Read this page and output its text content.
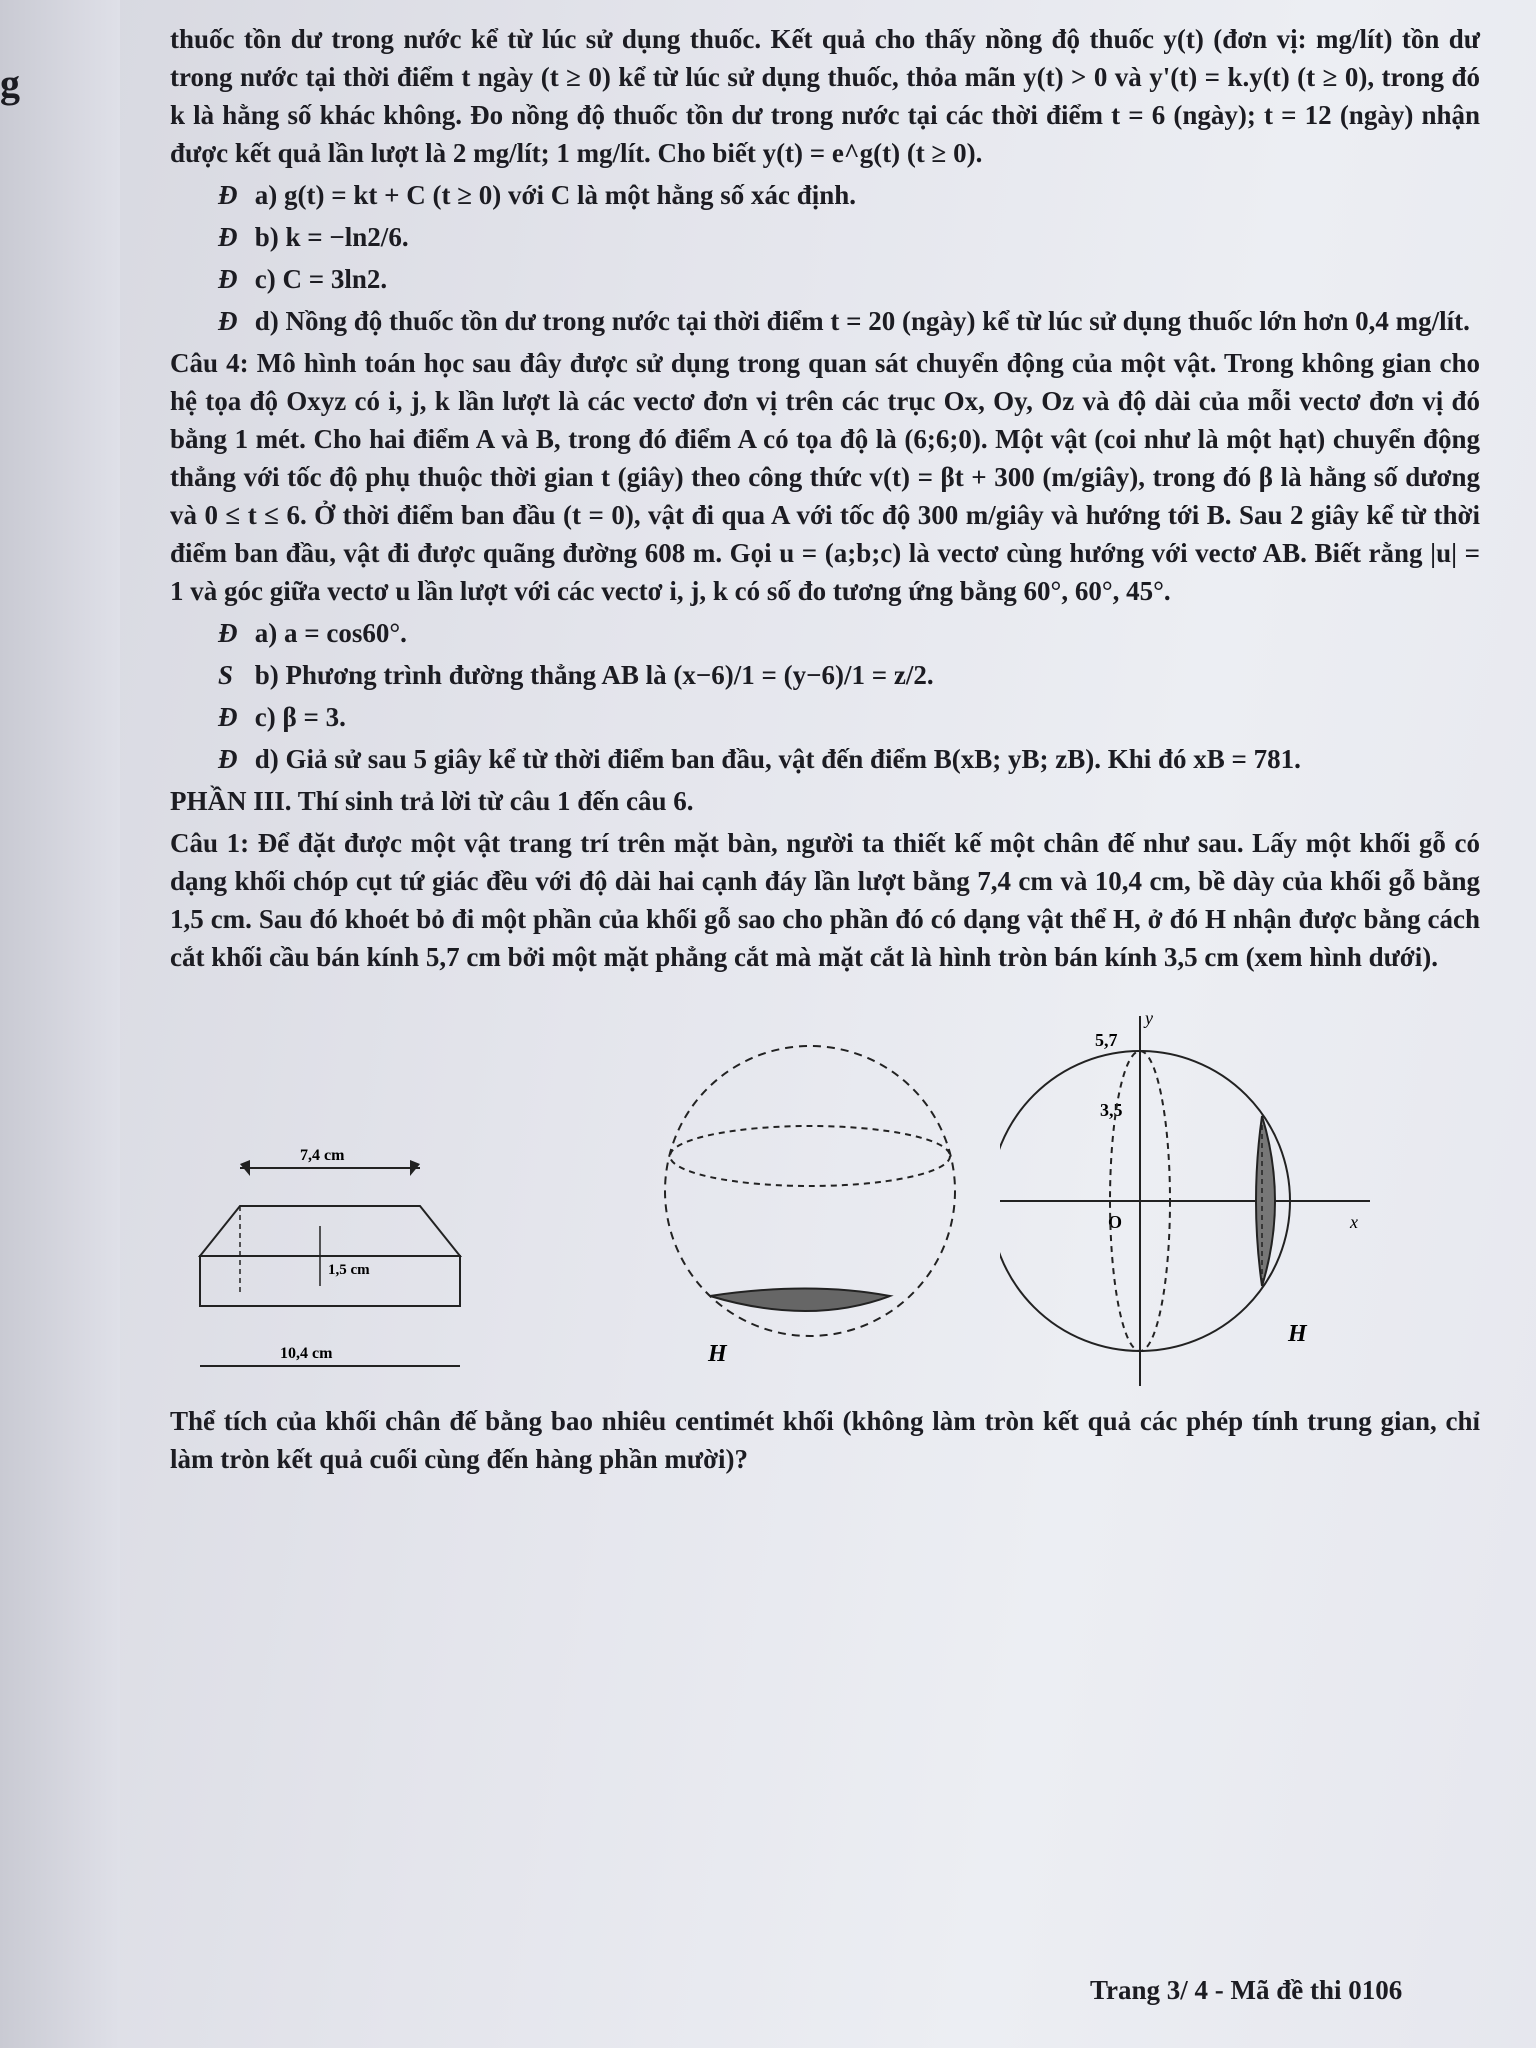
g

thuốc tồn dư trong nước kể từ lúc sử dụng thuốc. Kết quả cho thấy nồng độ thuốc y(t) (đơn vị: mg/lít) tồn dư trong nước tại thời điểm t ngày (t ≥ 0) kể từ lúc sử dụng thuốc, thỏa mãn y(t) > 0 và y'(t) = k.y(t) (t ≥ 0), trong đó k là hằng số khác không. Đo nồng độ thuốc tồn dư trong nước tại các thời điểm t = 6 (ngày); t = 12 (ngày) nhận được kết quả lần lượt là 2 mg/lít; 1 mg/lít. Cho biết y(t) = e^g(t) (t ≥ 0).

Đ a) g(t) = kt + C (t ≥ 0) với C là một hằng số xác định.
Đ b) k = −ln2/6.
Đ c) C = 3ln2.
Đ d) Nồng độ thuốc tồn dư trong nước tại thời điểm t = 20 (ngày) kể từ lúc sử dụng thuốc lớn hơn 0,4 mg/lít.

Câu 4: Mô hình toán học sau đây được sử dụng trong quan sát chuyển động của một vật. Trong không gian cho hệ tọa độ Oxyz có i, j, k lần lượt là các vectơ đơn vị trên các trục Ox, Oy, Oz và độ dài của mỗi vectơ đơn vị đó bằng 1 mét. Cho hai điểm A và B, trong đó điểm A có tọa độ là (6;6;0). Một vật (coi như là một hạt) chuyển động thẳng với tốc độ phụ thuộc thời gian t (giây) theo công thức v(t) = βt + 300 (m/giây), trong đó β là hằng số dương và 0 ≤ t ≤ 6. Ở thời điểm ban đầu (t = 0), vật đi qua A với tốc độ 300 m/giây và hướng tới B. Sau 2 giây kể từ thời điểm ban đầu, vật đi được quãng đường 608 m. Gọi u = (a;b;c) là vectơ cùng hướng với vectơ AB. Biết rằng |u| = 1 và góc giữa vectơ u lần lượt với các vectơ i, j, k có số đo tương ứng bằng 60°, 60°, 45°.

Đ a) a = cos60°.
S b) Phương trình đường thẳng AB là (x−6)/1 = (y−6)/1 = z/2.
Đ c) β = 3.
Đ d) Giả sử sau 5 giây kể từ thời điểm ban đầu, vật đến điểm B(xB; yB; zB). Khi đó xB = 781.

PHẦN III. Thí sinh trả lời từ câu 1 đến câu 6.

Câu 1: Để đặt được một vật trang trí trên mặt bàn, người ta thiết kế một chân đế như sau. Lấy một khối gỗ có dạng khối chóp cụt tứ giác đều với độ dài hai cạnh đáy lần lượt bằng 7,4 cm và 10,4 cm, bề dày của khối gỗ bằng 1,5 cm. Sau đó khoét bỏ đi một phần của khối gỗ sao cho phần đó có dạng vật thể H, ở đó H nhận được bằng cách cắt khối cầu bán kính 5,7 cm bởi một mặt phẳng cắt mà mặt cắt là hình tròn bán kính 3,5 cm (xem hình dưới).

7,4 cm
1,5 cm
10,4 cm	H
y
5,7
3,5
O	x
H

Thể tích của khối chân đế bằng bao nhiêu centimét khối (không làm tròn kết quả các phép tính trung gian, chỉ làm tròn kết quả cuối cùng đến hàng phần mười)?

Trang 3/ 4 - Mã đề thi 0106
